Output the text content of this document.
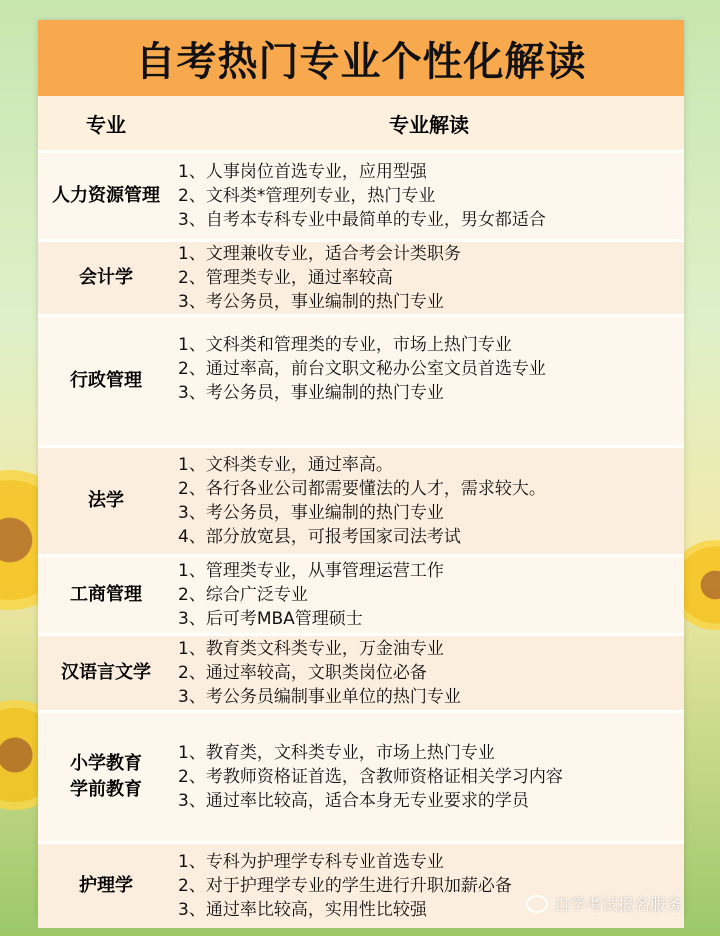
自考热门专业个性化解读
专业	专业解读
人力资源管理
1、人事岗位首选专业，应用型强
2、文科类*管理列专业，热门专业
3、自考本专科专业中最简单的专业，男女都适合
会计学
1、文理兼收专业，适合考会计类职务
2、管理类专业，通过率较高
3、考公务员，事业编制的热门专业
行政管理
1、文科类和管理类的专业，市场上热门专业
2、通过率高，前台文职文秘办公室文员首选专业
3、考公务员，事业编制的热门专业
法学
1、文科类专业，通过率高。
2、各行各业公司都需要懂法的人才，需求较大。
3、考公务员，事业编制的热门专业
4、部分放宽县，可报考国家司法考试
工商管理
1、管理类专业，从事管理运营工作
2、综合广泛专业
3、后可考MBA管理硕士
汉语言文学
1、教育类文科类专业，万金油专业
2、通过率较高，文职类岗位必备
3、考公务员编制事业单位的热门专业
小学教育
学前教育
1、教育类，文科类专业，市场上热门专业
2、考教师资格证首选，含教师资格证相关学习内容
3、通过率比较高，适合本身无专业要求的学员
护理学
1、专科为护理学专科专业首选专业
2、对于护理学专业的学生进行升职加薪必备
3、通过率比较高，实用性比较强	自学考试报名服务
